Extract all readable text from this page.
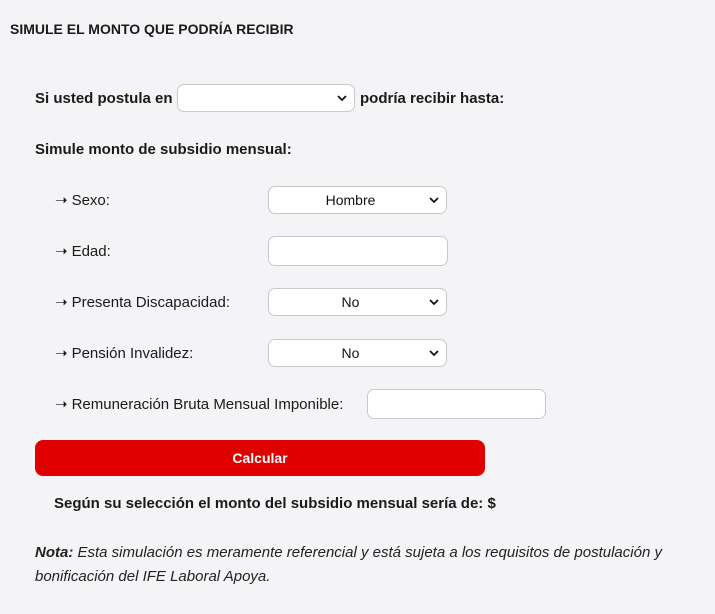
SIMULE EL MONTO QUE PODRÍA RECIBIR
Si usted postula en	podría recibir hasta:
Simule monto de subsidio mensual:
➝ Sexo:
Hombre
➝ Edad:
➝ Presenta Discapacidad:
No
➝ Pensión Invalidez:
No
➝ Remuneración Bruta Mensual Imponible:
Calcular
Según su selección el monto del subsidio mensual sería de: $
Nota: Esta simulación es meramente referencial y está sujeta a los requisitos de postulación y bonificación del IFE Laboral Apoya.
